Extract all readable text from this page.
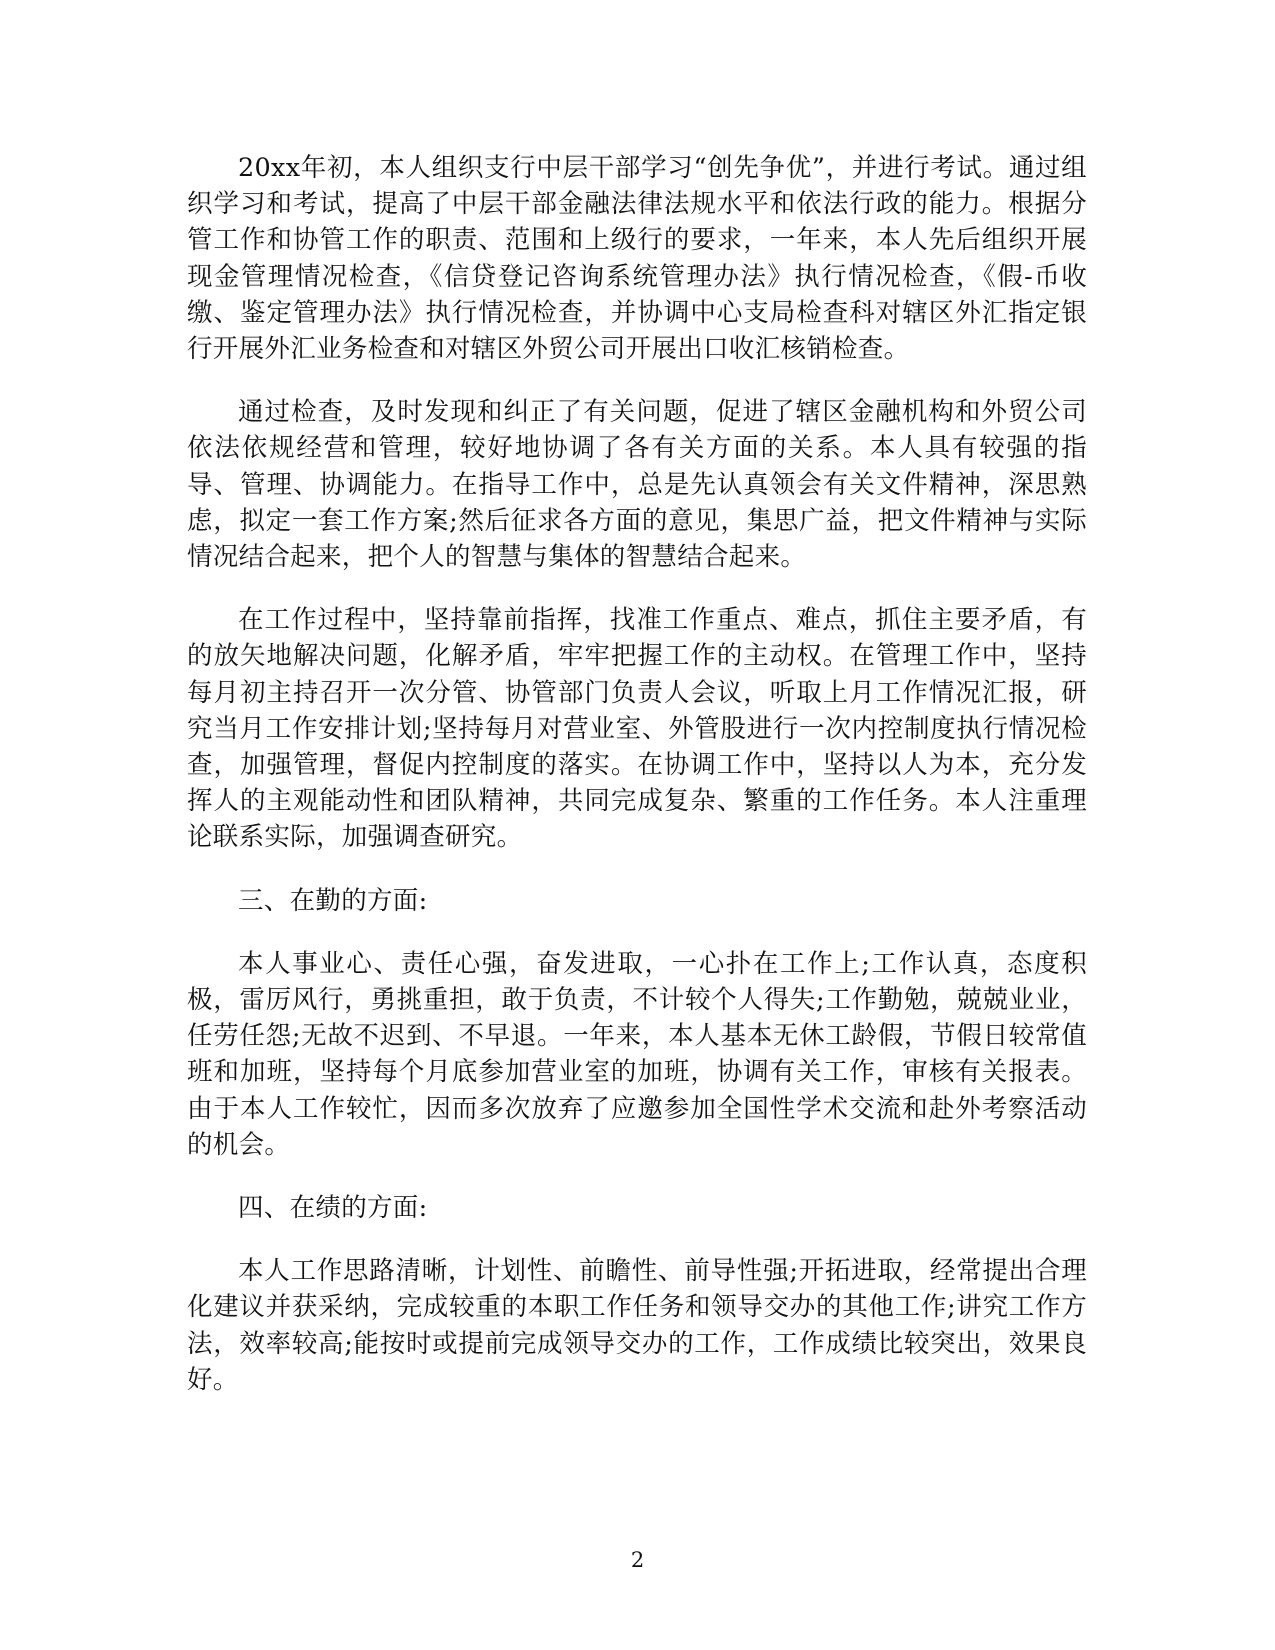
20xx年初，本人组织支行中层干部学习“创先争优”，并进行考试。通过组织学习和考试，提高了中层干部金融法律法规水平和依法行政的能力。根据分管工作和协管工作的职责、范围和上级行的要求，一年来，本人先后组织开展现金管理情况检查，《信贷登记咨询系统管理办法》执行情况检查，《假-币收缴、鉴定管理办法》执行情况检查，并协调中心支局检查科对辖区外汇指定银行开展外汇业务检查和对辖区外贸公司开展出口收汇核销检查。

通过检查，及时发现和纠正了有关问题，促进了辖区金融机构和外贸公司依法依规经营和管理，较好地协调了各有关方面的关系。本人具有较强的指导、管理、协调能力。在指导工作中，总是先认真领会有关文件精神，深思熟虑，拟定一套工作方案;然后征求各方面的意见，集思广益，把文件精神与实际情况结合起来，把个人的智慧与集体的智慧结合起来。

在工作过程中，坚持靠前指挥，找准工作重点、难点，抓住主要矛盾，有的放矢地解决问题，化解矛盾，牢牢把握工作的主动权。在管理工作中，坚持每月初主持召开一次分管、协管部门负责人会议，听取上月工作情况汇报，研究当月工作安排计划;坚持每月对营业室、外管股进行一次内控制度执行情况检查，加强管理，督促内控制度的落实。在协调工作中，坚持以人为本，充分发挥人的主观能动性和团队精神，共同完成复杂、繁重的工作任务。本人注重理论联系实际，加强调查研究。

三、在勤的方面:

本人事业心、责任心强，奋发进取，一心扑在工作上;工作认真，态度积极，雷厉风行，勇挑重担，敢于负责，不计较个人得失;工作勤勉，兢兢业业，任劳任怨;无故不迟到、不早退。一年来，本人基本无休工龄假，节假日较常值班和加班，坚持每个月底参加营业室的加班，协调有关工作，审核有关报表。由于本人工作较忙，因而多次放弃了应邀参加全国性学术交流和赴外考察活动的机会。

四、在绩的方面:

本人工作思路清晰，计划性、前瞻性、前导性强;开拓进取，经常提出合理化建议并获采纳，完成较重的本职工作任务和领导交办的其他工作;讲究工作方法，效率较高;能按时或提前完成领导交办的工作，工作成绩比较突出，效果良好。

2
